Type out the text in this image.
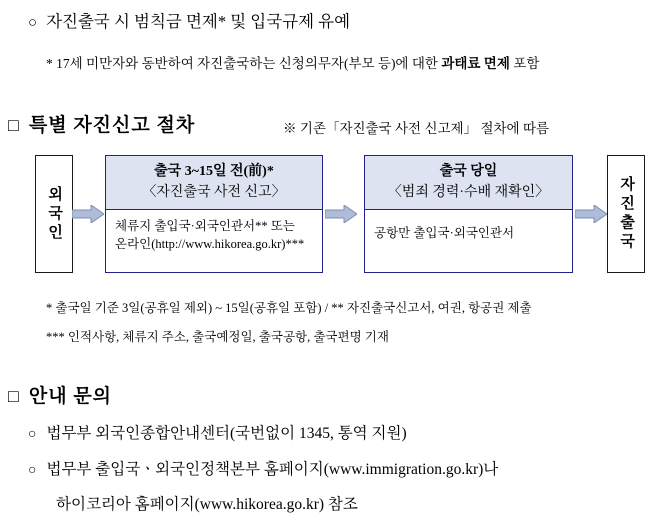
○ 자진출국 시 범칙금 면제* 및 입국규제 유예
* 17세 미만자와 동반하여 자진출국하는 신청의무자(부모 등)에 대한 과태료 면제 포함
□ 특별 자진신고 절차	※ 기존「자진출국 사전 신고제」 절차에 따름
외국인
출국 3~15일 전(前)*
〈자진출국 사전 신고〉
체류지 출입국·외국인관서** 또는
온라인(http://www.hikorea.go.kr)***
출국 당일
〈범죄 경력·수배 재확인〉
공항만 출입국·외국인관서	자진출국
* 출국일 기준 3일(공휴일 제외) ~ 15일(공휴일 포함) / ** 자진출국신고서, 여권, 항공권 제출
*** 인적사항, 체류지 주소, 출국예정일, 출국공항, 출국편명 기재
□ 안내 문의
○ 법무부 외국인종합안내센터(국번없이 1345, 통역 지원)
○ 법무부 출입국ㆍ외국인정책본부 홈페이지(www.immigration.go.kr)나
하이코리아 홈페이지(www.hikorea.go.kr) 참조
